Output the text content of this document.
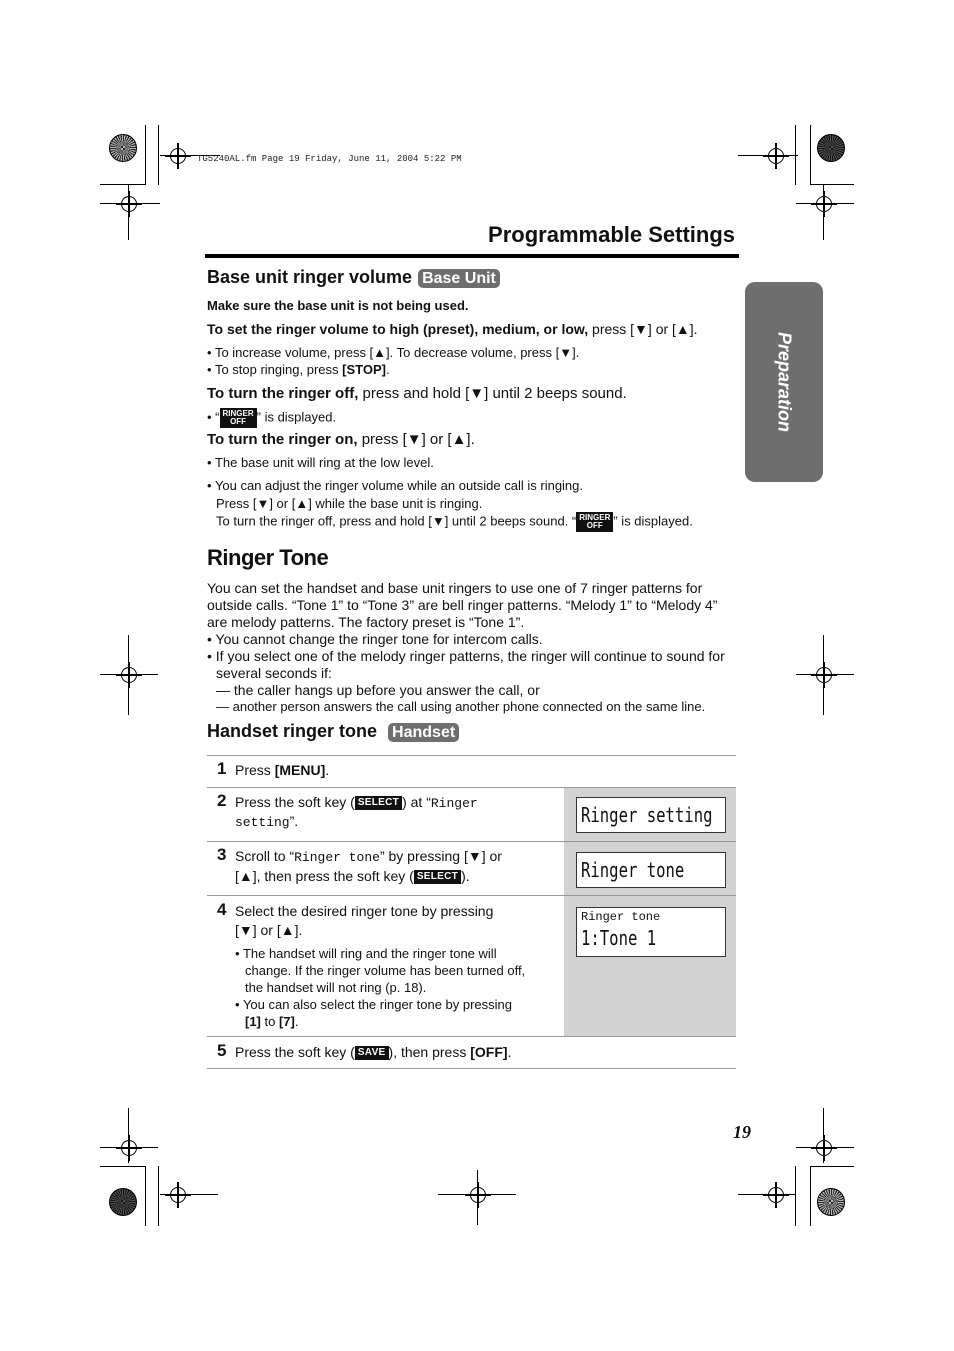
TG5240AL.fm Page 19 Friday, June 11, 2004 5:22 PM
Programmable Settings
Preparation
Base unit ringer volume Base Unit
Make sure the base unit is not being used.
To set the ringer volume to high (preset), medium, or low, press [▼] or [▲].
• To increase volume, press [▲]. To decrease volume, press [▼].
• To stop ringing, press [STOP].
To turn the ringer off, press and hold [▼] until 2 beeps sound.
• “ RINGER
OFF ” is displayed.
To turn the ringer on, press [▼] or [▲].
• The base unit will ring at the low level.
• You can adjust the ringer volume while an outside call is ringing.
Press [▼] or [▲] while the base unit is ringing.
To turn the ringer off, press and hold [▼] until 2 beeps sound. “ RINGER
OFF ” is displayed.
Ringer Tone
You can set the handset and base unit ringers to use one of 7 ringer patterns for
outside calls. “Tone 1” to “Tone 3” are bell ringer patterns. “Melody 1” to “Melody 4”
are melody patterns. The factory preset is “Tone 1”.
• You cannot change the ringer tone for intercom calls.
• If you select one of the melody ringer patterns, the ringer will continue to sound for
several seconds if:
— the caller hangs up before you answer the call, or
— another person answers the call using another phone connected on the same line.
Handset ringer tone Handset
1 Press [MENU].
2 Press the soft key ( SELECT ) at “Ringer
setting”.	Ringer setting
3 Scroll to “Ringer tone” by pressing [▼] or
[▲], then press the soft key ( SELECT ).	Ringer tone
4 Select the desired ringer tone by pressing
[▼] or [▲].
• The handset will ring and the ringer tone will
change. If the ringer volume has been turned off,
the handset will not ring (p. 18).
• You can also select the ringer tone by pressing
[1] to [7].
Ringer tone
1:Tone 1
5 Press the soft key ( SAVE ), then press [OFF].
19
